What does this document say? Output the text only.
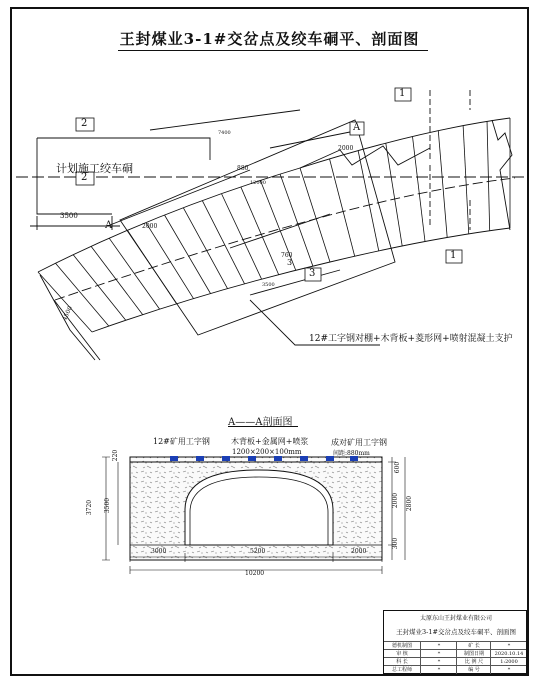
王封煤业3-1#交岔点及绞车硐平、剖面图
2
2
1
1
3
3
A
A
计划施工绞车硐
3500
2000
880
760
2000
4500
7400
12000
3500
12#工字钢对棚+木背板+菱形网+喷射混凝土支护
A——A剖面图
12#矿用工字钢	木背板+金属网+喷浆
1200×200×100mm
成对矿用工字钢
间距:880mm
3000	5200	2000
10200
3720 3500
220
600
2000 2800
300
太原东山王封煤业有限公司
王封煤业3-1#交岔点及绞车硐平、剖面图
德机制图	*	矿 长	*
审 核	*	制图日期	2020.10.14
科 长	*	比 例 尺	1:2000
总工程师	*	编 号	*
